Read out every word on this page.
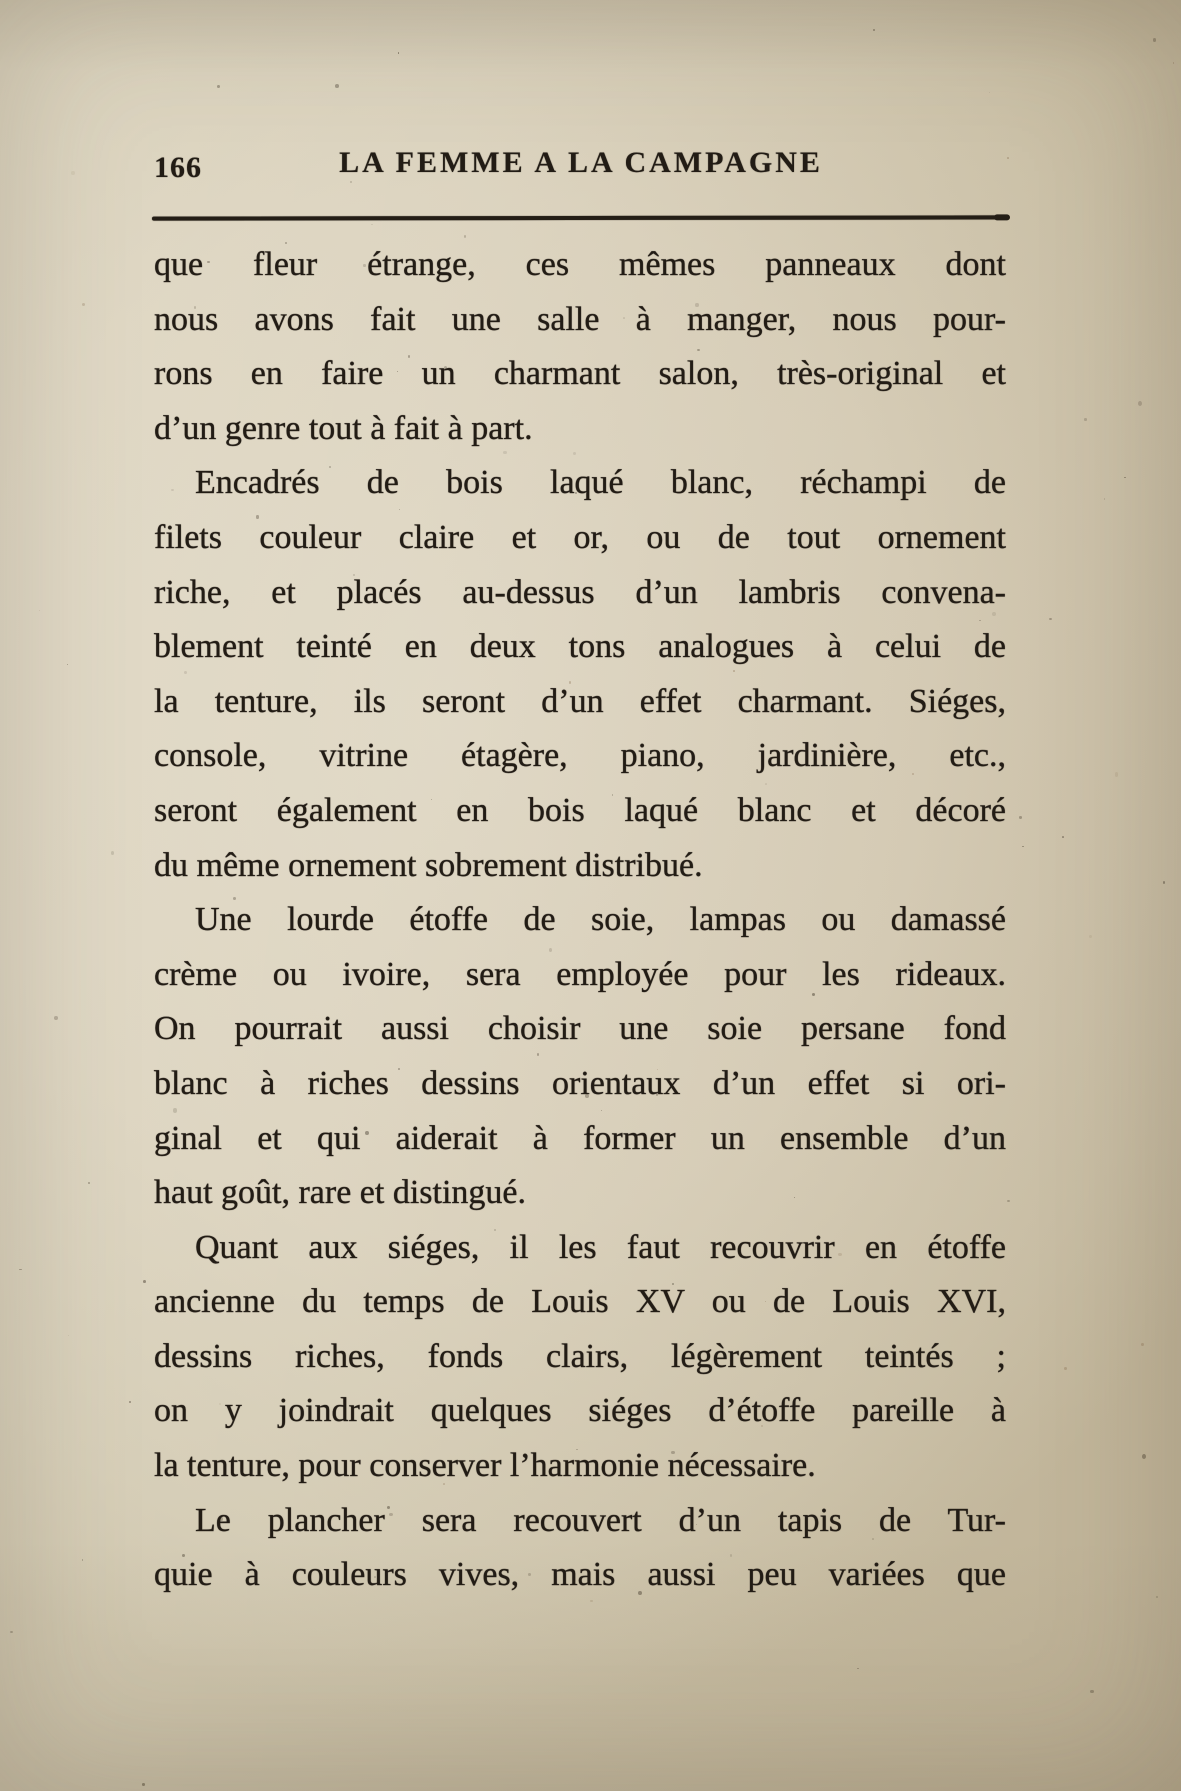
166	LA FEMME A LA CAMPAGNE
que fleur étrange, ces mêmes panneaux dont
nous avons fait une salle à manger, nous pour-
rons en faire un charmant salon, très-original et
d’un genre tout à fait à part.
Encadrés de bois laqué blanc, réchampi de
filets couleur claire et or, ou de tout ornement
riche, et placés au-dessus d’un lambris convena-
blement teinté en deux tons analogues à celui de
la tenture, ils seront d’un effet charmant. Siéges,
console, vitrine étagère, piano, jardinière, etc.,
seront également en bois laqué blanc et décoré
du même ornement sobrement distribué.
Une lourde étoffe de soie, lampas ou damassé
crème ou ivoire, sera employée pour les rideaux.
On pourrait aussi choisir une soie persane fond
blanc à riches dessins orientaux d’un effet si ori-
ginal et qui aiderait à former un ensemble d’un
haut goût, rare et distingué.
Quant aux siéges, il les faut recouvrir en étoffe
ancienne du temps de Louis XV ou de Louis XVI,
dessins riches, fonds clairs, légèrement teintés ;
on y joindrait quelques siéges d’étoffe pareille à
la tenture, pour conserver l’harmonie nécessaire.
Le plancher sera recouvert d’un tapis de Tur-
quie à couleurs vives, mais aussi peu variées que
